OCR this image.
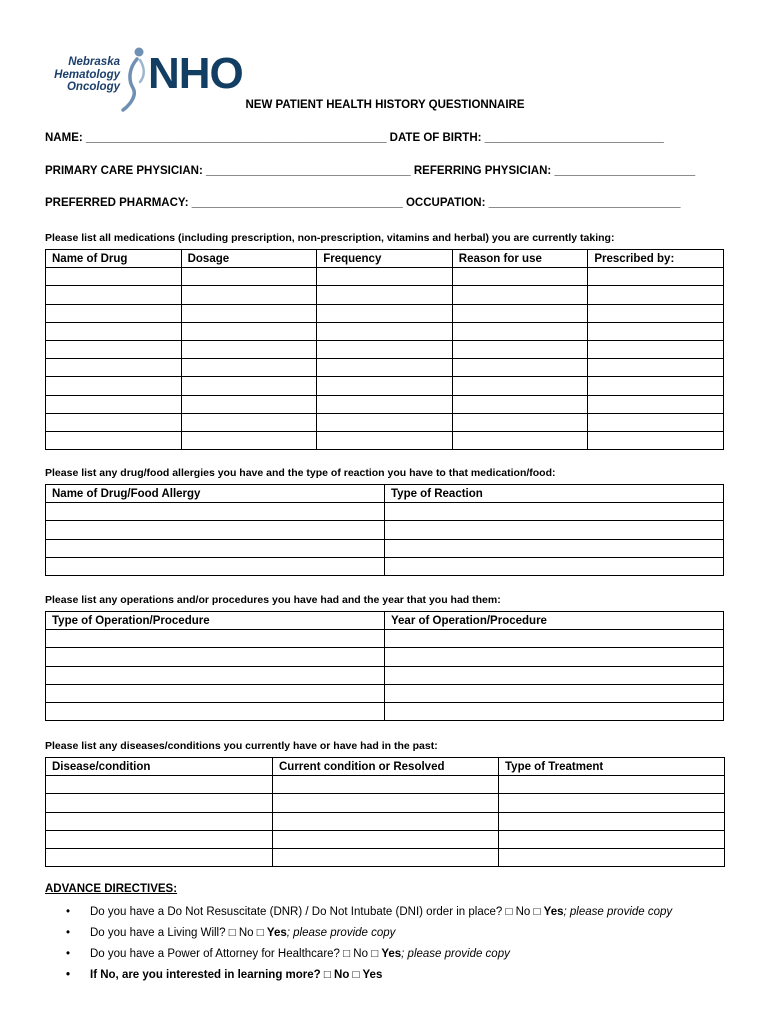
Nebraska
Hematology
Oncology NHO
NEW PATIENT HEALTH HISTORY QUESTIONNAIRE
NAME: _______________________________________________ DATE OF BIRTH: ____________________________
PRIMARY CARE PHYSICIAN: ________________________________ REFERRING PHYSICIAN: ______________________
PREFERRED PHARMACY: _________________________________ OCCUPATION: ______________________________
Please list all medications (including prescription, non-prescription, vitamins and herbal) you are currently taking:
Name of Drug	Dosage	Frequency	Reason for use	Prescribed by:

Please list any drug/food allergies you have and the type of reaction you have to that medication/food:
Name of Drug/Food Allergy	Type of Reaction

Please list any operations and/or procedures you have had and the year that you had them:
Type of Operation/Procedure	Year of Operation/Procedure

Please list any diseases/conditions you currently have or have had in the past:
Disease/condition	Current condition or Resolved	Type of Treatment

ADVANCE DIRECTIVES:
• Do you have a Do Not Resuscitate (DNR) / Do Not Intubate (DNI) order in place? □ No □ Yes; please provide copy
• Do you have a Living Will? □ No □ Yes; please provide copy
• Do you have a Power of Attorney for Healthcare? □ No □ Yes; please provide copy
• If No, are you interested in learning more? □ No □ Yes
